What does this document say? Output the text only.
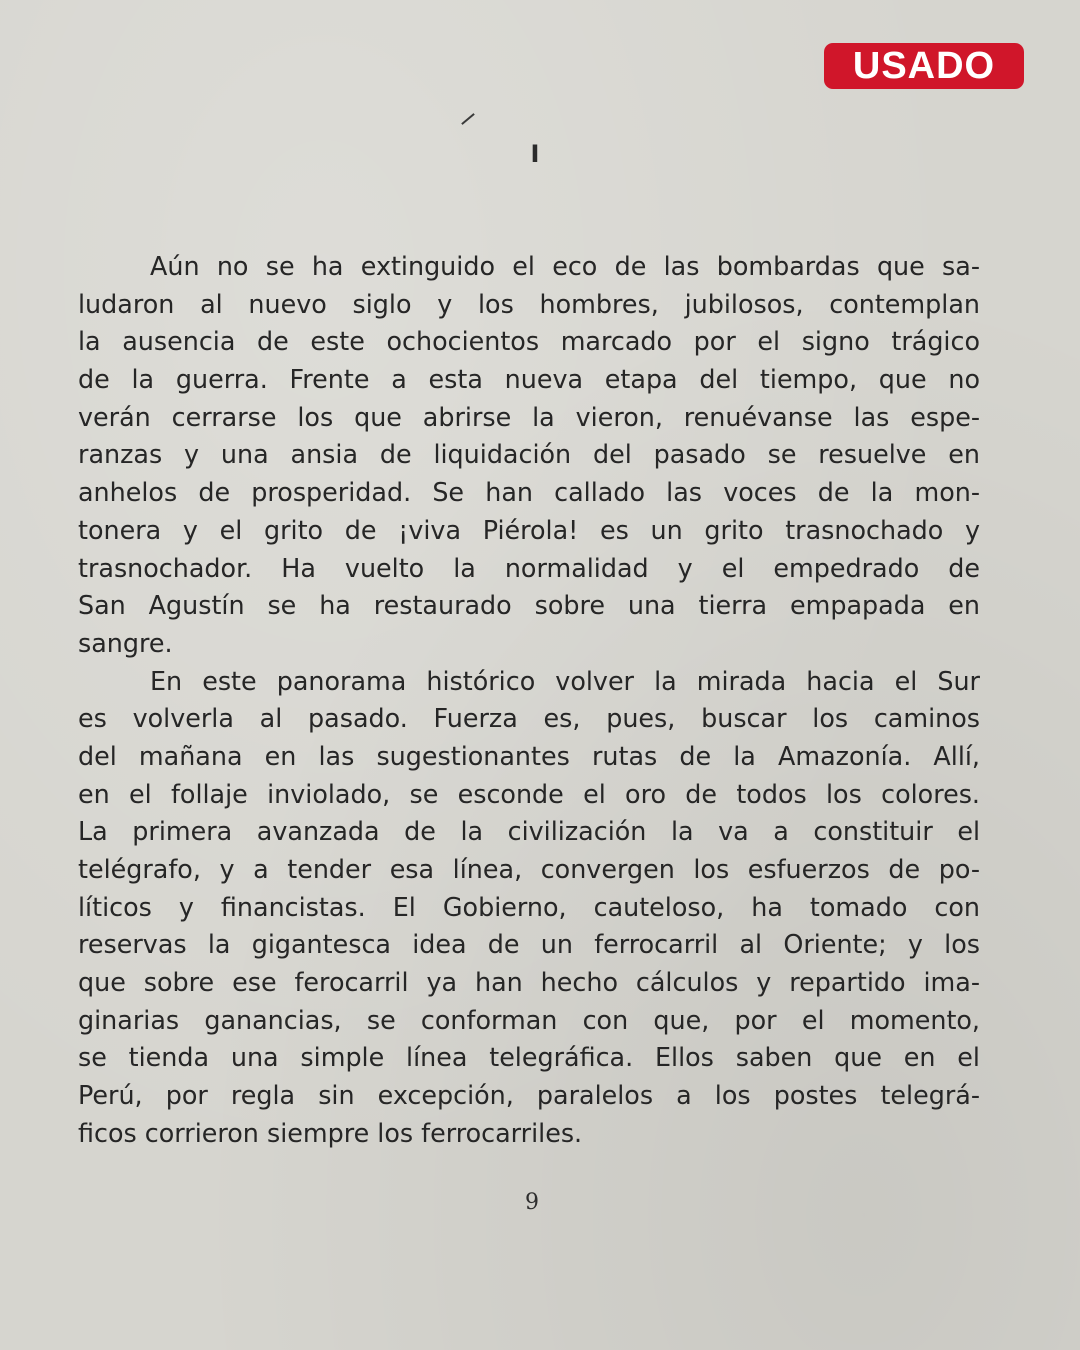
USADO
I
Aún no se ha extinguido el eco de las bombardas que sa-
ludaron al nuevo siglo y los hombres, jubilosos, contemplan
la ausencia de este ochocientos marcado por el signo trágico
de la guerra. Frente a esta nueva etapa del tiempo, que no
verán cerrarse los que abrirse la vieron, renuévanse las espe-
ranzas y una ansia de liquidación del pasado se resuelve en
anhelos de prosperidad. Se han callado las voces de la mon-
tonera y el grito de ¡viva Piérola! es un grito trasnochado y
trasnochador. Ha vuelto la normalidad y el empedrado de
San Agustín se ha restaurado sobre una tierra empapada en
sangre.
En este panorama histórico volver la mirada hacia el Sur
es volverla al pasado. Fuerza es, pues, buscar los caminos
del mañana en las sugestionantes rutas de la Amazonía. Allí,
en el follaje inviolado, se esconde el oro de todos los colores.
La primera avanzada de la civilización la va a constituir el
telégrafo, y a tender esa línea, convergen los esfuerzos de po-
líticos y financistas. El Gobierno, cauteloso, ha tomado con
reservas la gigantesca idea de un ferrocarril al Oriente; y los
que sobre ese ferocarril ya han hecho cálculos y repartido ima-
ginarias ganancias, se conforman con que, por el momento,
se tienda una simple línea telegráfica. Ellos saben que en el
Perú, por regla sin excepción, paralelos a los postes telegrá-
ficos corrieron siempre los ferrocarriles.
9
